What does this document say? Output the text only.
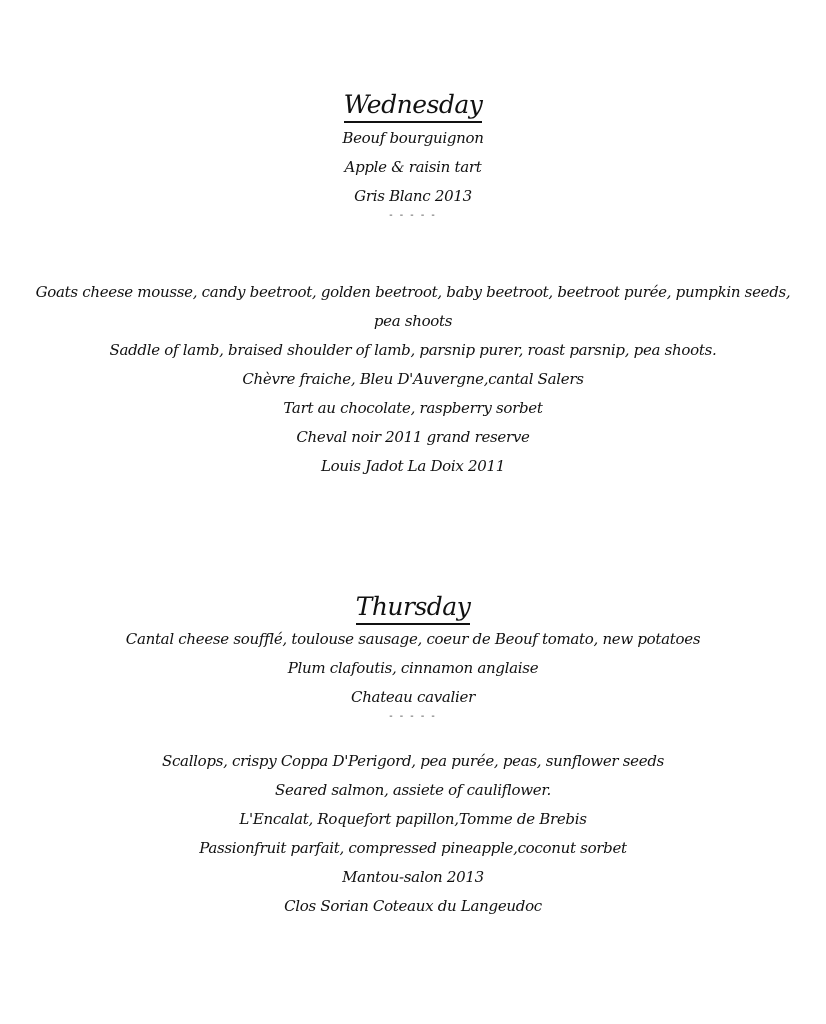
Wednesday
Beouf bourguignon
Apple & raisin tart
Gris Blanc 2013
- - - - -
Goats cheese mousse, candy beetroot, golden beetroot, baby beetroot, beetroot purée, pumpkin seeds,
pea shoots
Saddle of lamb, braised shoulder of lamb, parsnip purer, roast parsnip, pea shoots.
Chèvre fraiche, Bleu D'Auvergne,cantal Salers
Tart au chocolate, raspberry sorbet
Cheval noir 2011 grand reserve
Louis Jadot La Doix 2011
Thursday
Cantal cheese soufflé, toulouse sausage, coeur de Beouf tomato, new potatoes
Plum clafoutis, cinnamon anglaise
Chateau cavalier
- - - - -
Scallops, crispy Coppa D'Perigord, pea purée, peas, sunflower seeds
Seared salmon, assiete of cauliflower.
L'Encalat, Roquefort papillon,Tomme de Brebis
Passionfruit parfait, compressed pineapple,coconut sorbet
Mantou-salon 2013
Clos Sorian Coteaux du Langeudoc
